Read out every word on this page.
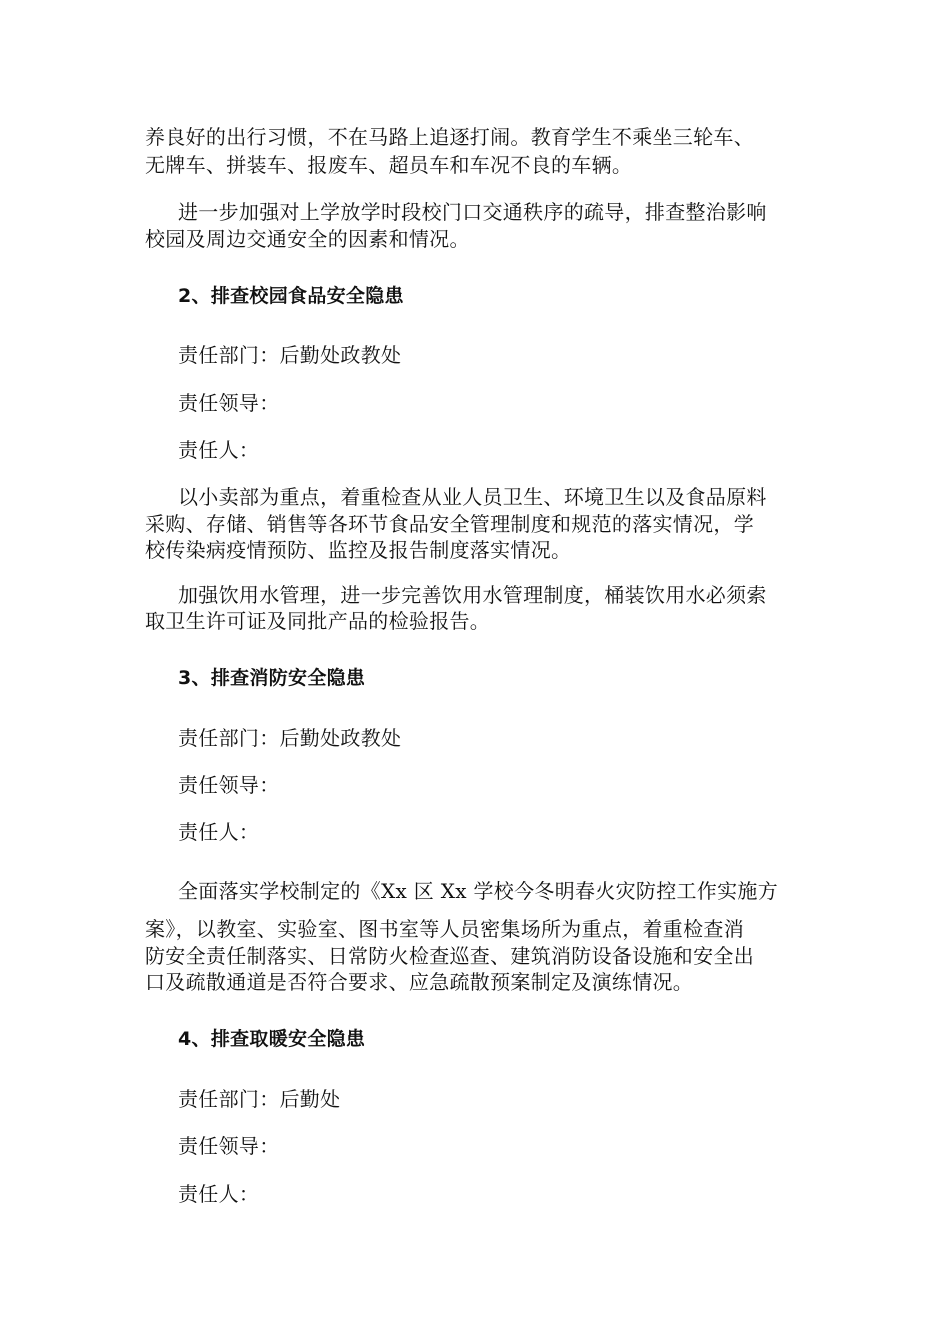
养良好的出行习惯，不在马路上追逐打闹。教育学生不乘坐三轮车、
无牌车、拼装车、报废车、超员车和车况不良的车辆。
进一步加强对上学放学时段校门口交通秩序的疏导，排查整治影响
校园及周边交通安全的因素和情况。
2、排查校园食品安全隐患
责任部门：后勤处政教处
责任领导：
责任人：
以小卖部为重点，着重检查从业人员卫生、环境卫生以及食品原料
采购、存储、销售等各环节食品安全管理制度和规范的落实情况，学
校传染病疫情预防、监控及报告制度落实情况。
加强饮用水管理，进一步完善饮用水管理制度，桶装饮用水必须索
取卫生许可证及同批产品的检验报告。
3、排查消防安全隐患
责任部门：后勤处政教处
责任领导：
责任人：
全面落实学校制定的《Xx 区 Xx 学校今冬明春火灾防控工作实施方
案》，以教室、实验室、图书室等人员密集场所为重点，着重检查消
防安全责任制落实、日常防火检查巡查、建筑消防设备设施和安全出
口及疏散通道是否符合要求、应急疏散预案制定及演练情况。
4、排查取暖安全隐患
责任部门：后勤处
责任领导：
责任人：
